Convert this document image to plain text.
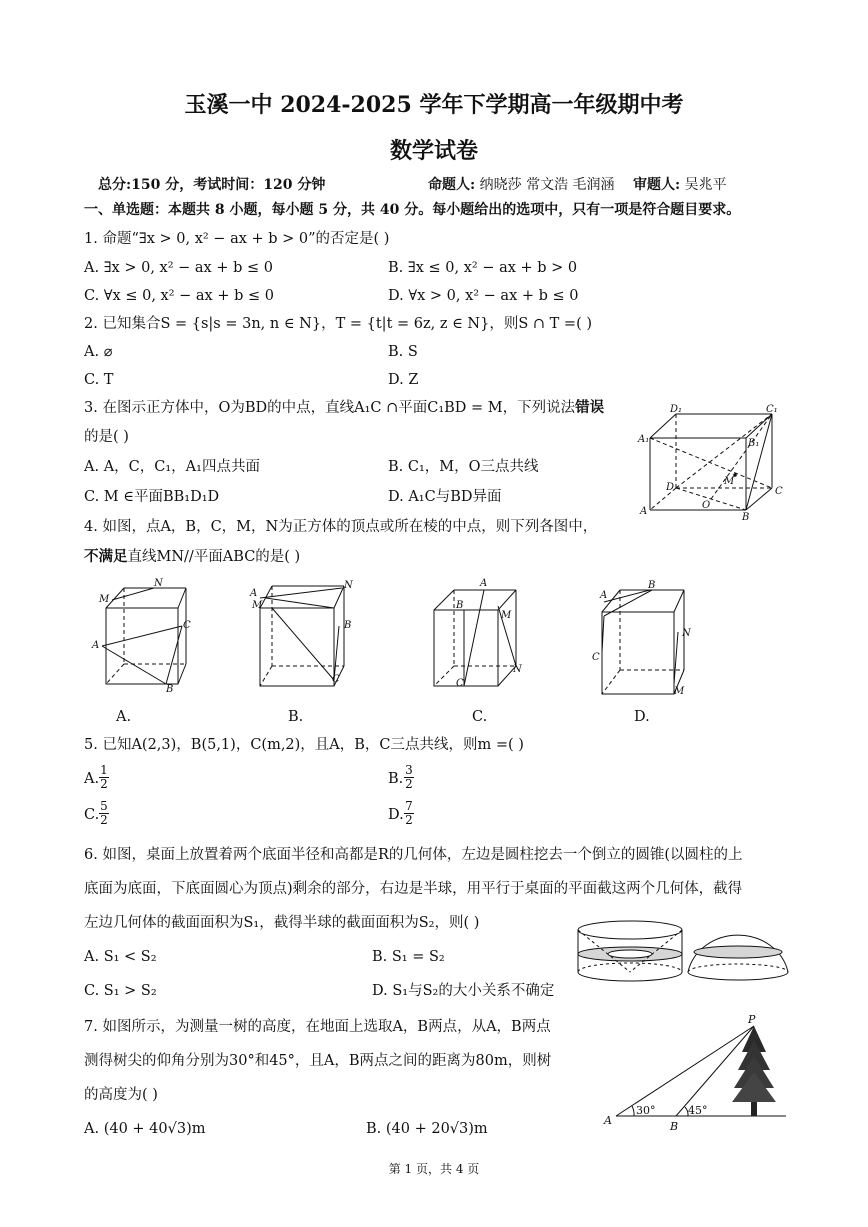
玉溪一中 2024-2025 学年下学期高一年级期中考
数学试卷
总分:150 分，考试时间：120 分钟	命题人: 纳晓莎 常文浩 毛润涵 审题人: 吴兆平
一、单选题：本题共 8 小题，每小题 5 分，共 40 分。每小题给出的选项中，只有一项是符合题目要求。
1. 命题“∃x > 0, x² − ax + b > 0”的否定是( )
A. ∃x > 0, x² − ax + b ≤ 0	B. ∃x ≤ 0, x² − ax + b > 0
C. ∀x ≤ 0, x² − ax + b ≤ 0	D. ∀x > 0, x² − ax + b ≤ 0
2. 已知集合S = {s|s = 3n, n ∈ N}，T = {t|t = 6z, z ∈ N}，则S ∩ T =( )
A. ⌀	B. S
C. T	D. Z
3. 在图示正方体中，O为BD的中点，直线A₁C ∩平面C₁BD = M，下列说法错误
的是( )
A. A，C，C₁，A₁四点共面	B. C₁，M，O三点共线
C. M ∈平面BB₁D₁D	D. A₁C与BD异面
D₁	C₁
A₁	B₁
D
M
C
A
O
B
4. 如图，点A，B，C，M，N为正方体的顶点或所在棱的中点，则下列各图中，
不满足直线MN//平面ABC的是( )
M
N
A
C
B
A.
A
M
N
B
C
B.
A
B
M
N
C
C.
B
A
N
C
M
D.
5. 已知A(2,3)，B(5,1)，C(m,2)，且A，B，C三点共线，则m =( )
A. $\frac{1}{2}$	B. $\frac{3}{2}$
C. $\frac{5}{2}$	D. $\frac{7}{2}$
6. 如图，桌面上放置着两个底面半径和高都是R的几何体，左边是圆柱挖去一个倒立的圆锥(以圆柱的上
底面为底面，下底面圆心为顶点)剩余的部分，右边是半球，用平行于桌面的平面截这两个几何体，截得
左边几何体的截面面积为S₁，截得半球的截面面积为S₂，则( )
A. S₁ < S₂	B. S₁ = S₂
C. S₁ > S₂	D. S₁与S₂的大小关系不确定
7. 如图所示，为测量一树的高度，在地面上选取A，B两点，从A，B两点
测得树尖的仰角分别为30°和45°，且A，B两点之间的距离为80m，则树
的高度为( )
A. (40 + 40√3)m	B. (40 + 20√3)m
P
A	B
30°	45°
第 1 页，共 4 页
